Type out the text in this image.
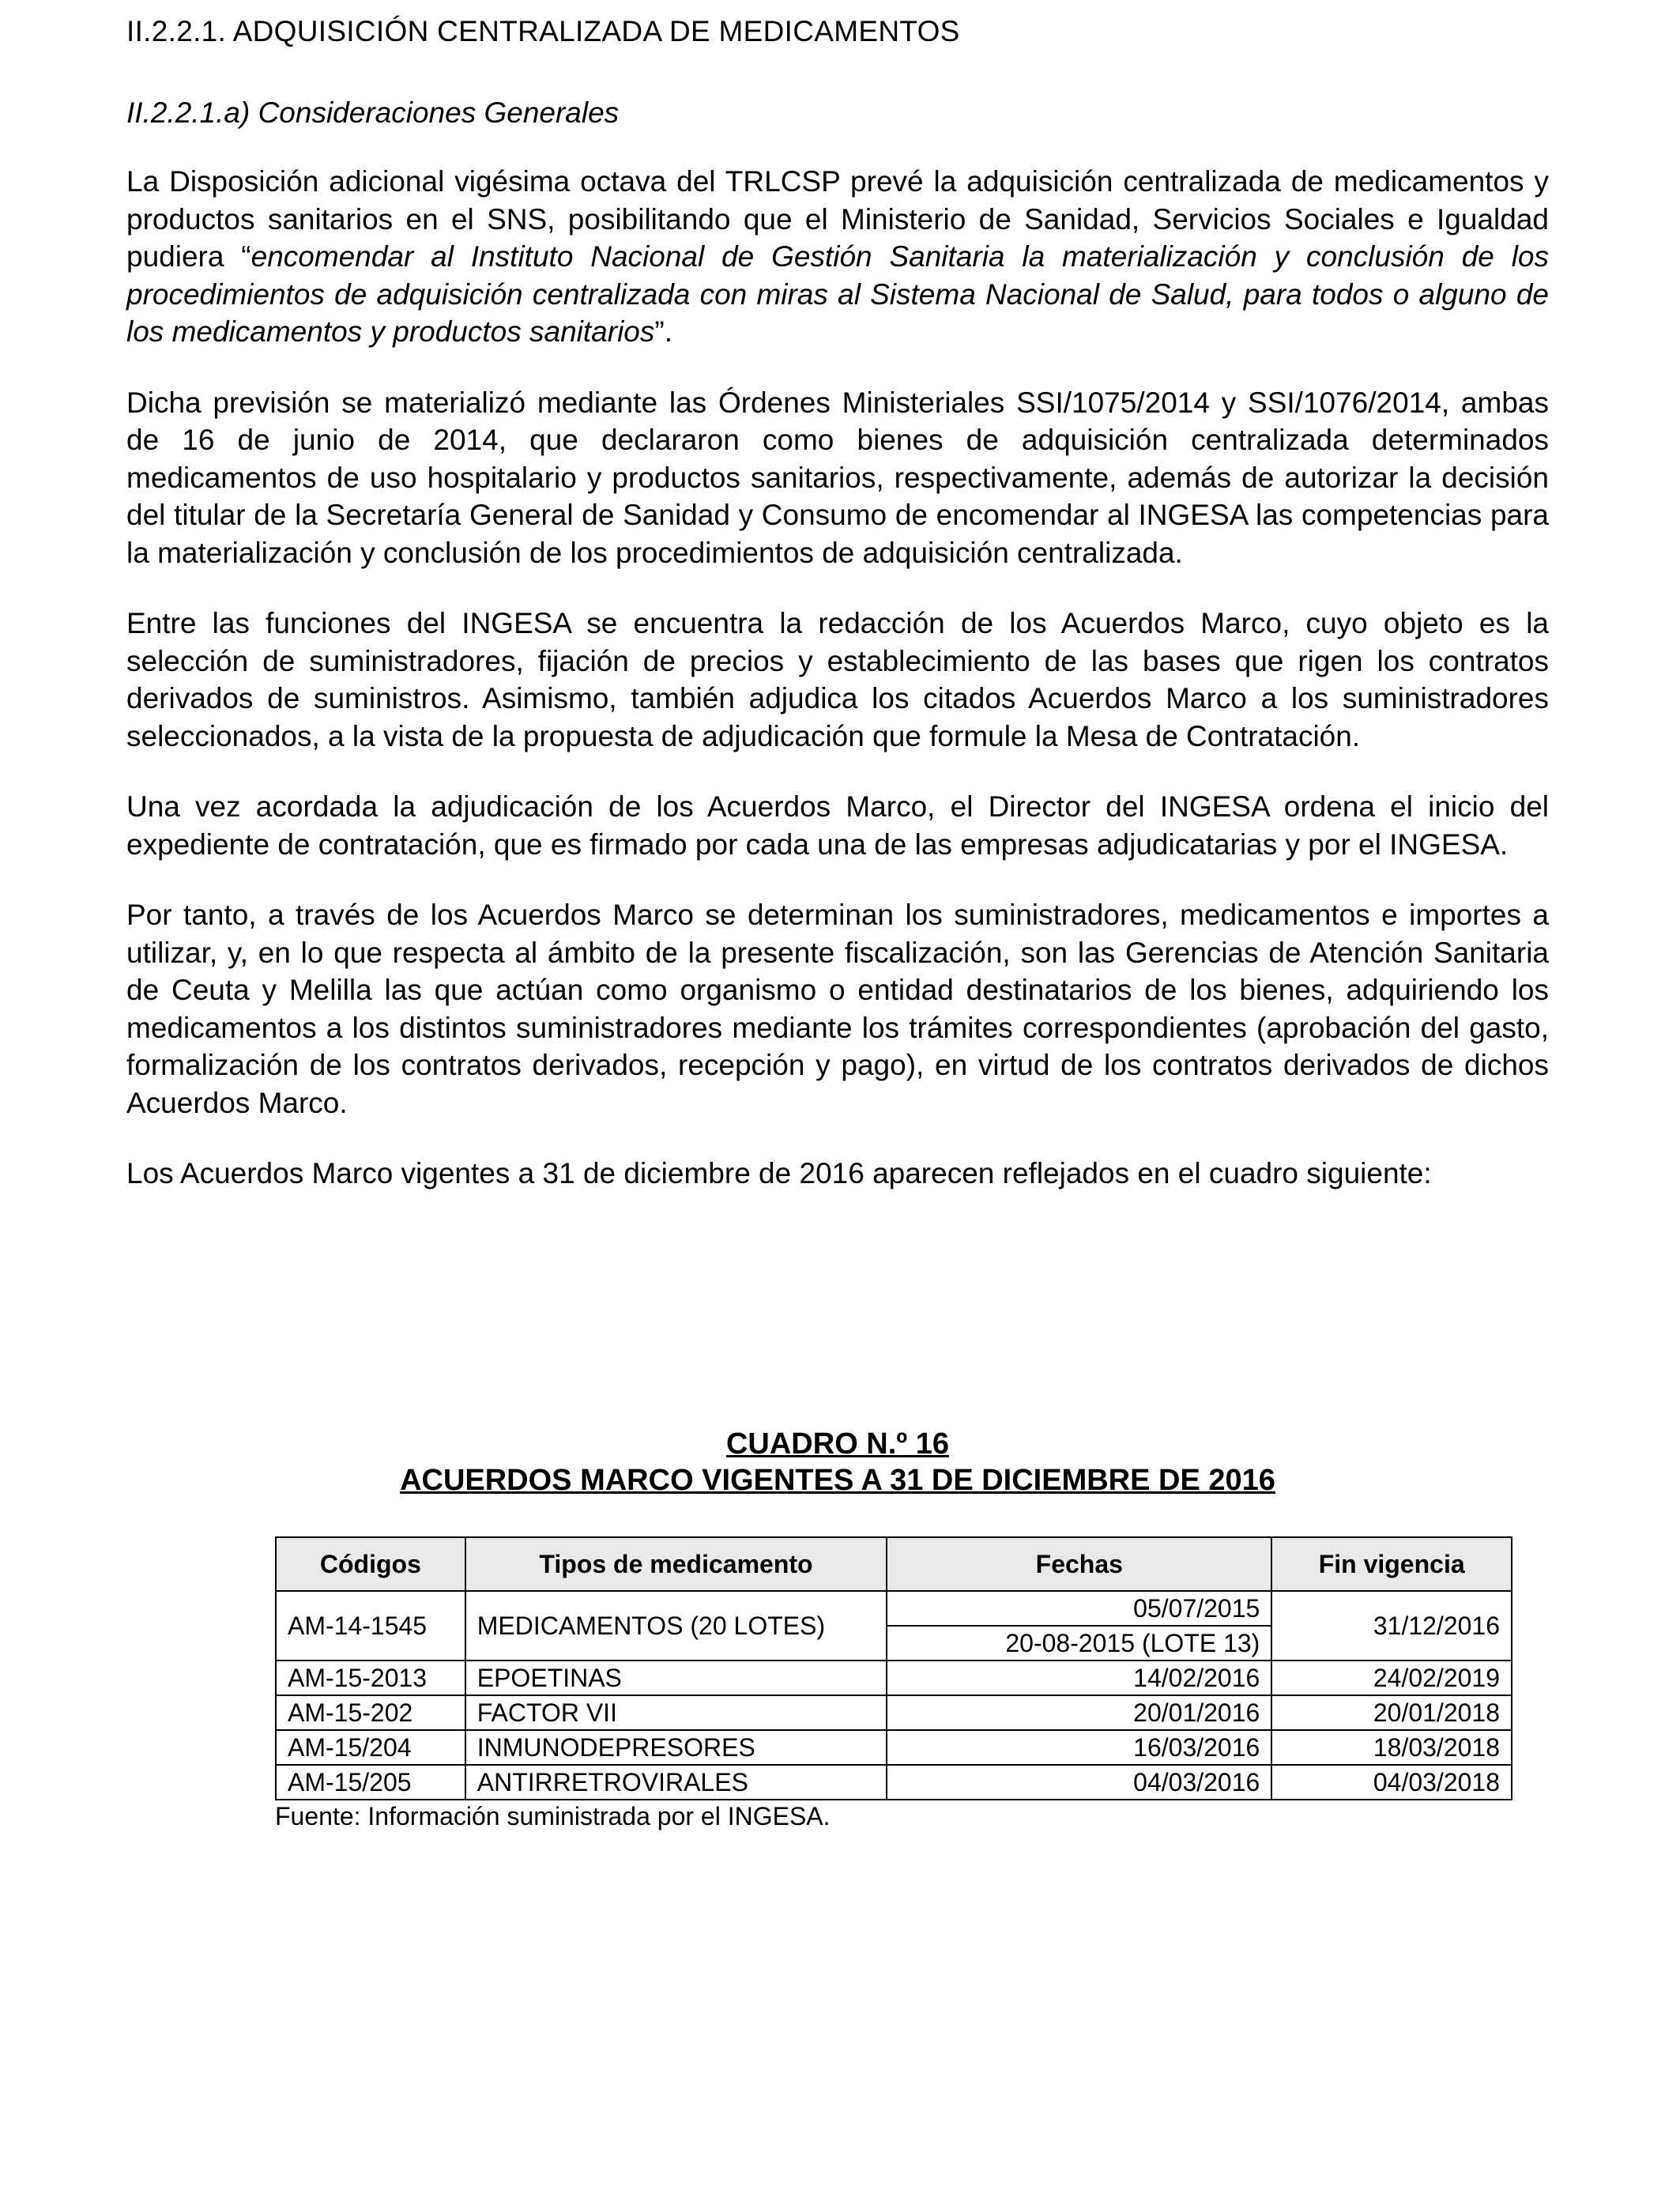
II.2.2.1. ADQUISICIÓN CENTRALIZADA DE MEDICAMENTOS

II.2.2.1.a) Consideraciones Generales

La Disposición adicional vigésima octava del TRLCSP prevé la adquisición centralizada de medicamentos y productos sanitarios en el SNS, posibilitando que el Ministerio de Sanidad, Servicios Sociales e Igualdad pudiera “encomendar al Instituto Nacional de Gestión Sanitaria la materialización y conclusión de los procedimientos de adquisición centralizada con miras al Sistema Nacional de Salud, para todos o alguno de los medicamentos y productos sanitarios”.

Dicha previsión se materializó mediante las Órdenes Ministeriales SSI/1075/2014 y SSI/1076/2014, ambas de 16 de junio de 2014, que declararon como bienes de adquisición centralizada determinados medicamentos de uso hospitalario y productos sanitarios, respectivamente, además de autorizar la decisión del titular de la Secretaría General de Sanidad y Consumo de encomendar al INGESA las competencias para la materialización y conclusión de los procedimientos de adquisición centralizada.

Entre las funciones del INGESA se encuentra la redacción de los Acuerdos Marco, cuyo objeto es la selección de suministradores, fijación de precios y establecimiento de las bases que rigen los contratos derivados de suministros. Asimismo, también adjudica los citados Acuerdos Marco a los suministradores seleccionados, a la vista de la propuesta de adjudicación que formule la Mesa de Contratación.

Una vez acordada la adjudicación de los Acuerdos Marco, el Director del INGESA ordena el inicio del expediente de contratación, que es firmado por cada una de las empresas adjudicatarias y por el INGESA.

Por tanto, a través de los Acuerdos Marco se determinan los suministradores, medicamentos e importes a utilizar, y, en lo que respecta al ámbito de la presente fiscalización, son las Gerencias de Atención Sanitaria de Ceuta y Melilla las que actúan como organismo o entidad destinatarios de los bienes, adquiriendo los medicamentos a los distintos suministradores mediante los trámites correspondientes (aprobación del gasto, formalización de los contratos derivados, recepción y pago), en virtud de los contratos derivados de dichos Acuerdos Marco.

Los Acuerdos Marco vigentes a 31 de diciembre de 2016 aparecen reflejados en el cuadro siguiente:

CUADRO N.º 16

ACUERDOS MARCO VIGENTES A 31 DE DICIEMBRE DE 2016

Códigos	Tipos de medicamento	Fechas	Fin vigencia
AM-14-1545	MEDICAMENTOS (20 LOTES)	05/07/2015	31/12/2016
		20-08-2015 (LOTE 13)	
AM-15-2013	EPOETINAS	14/02/2016	24/02/2019
AM-15-202	FACTOR VII	20/01/2016	20/01/2018
AM-15/204	INMUNODEPRESORES	16/03/2016	18/03/2018
AM-15/205	ANTIRRETROVIRALES	04/03/2016	04/03/2018
Fuente: Información suministrada por el INGESA.
